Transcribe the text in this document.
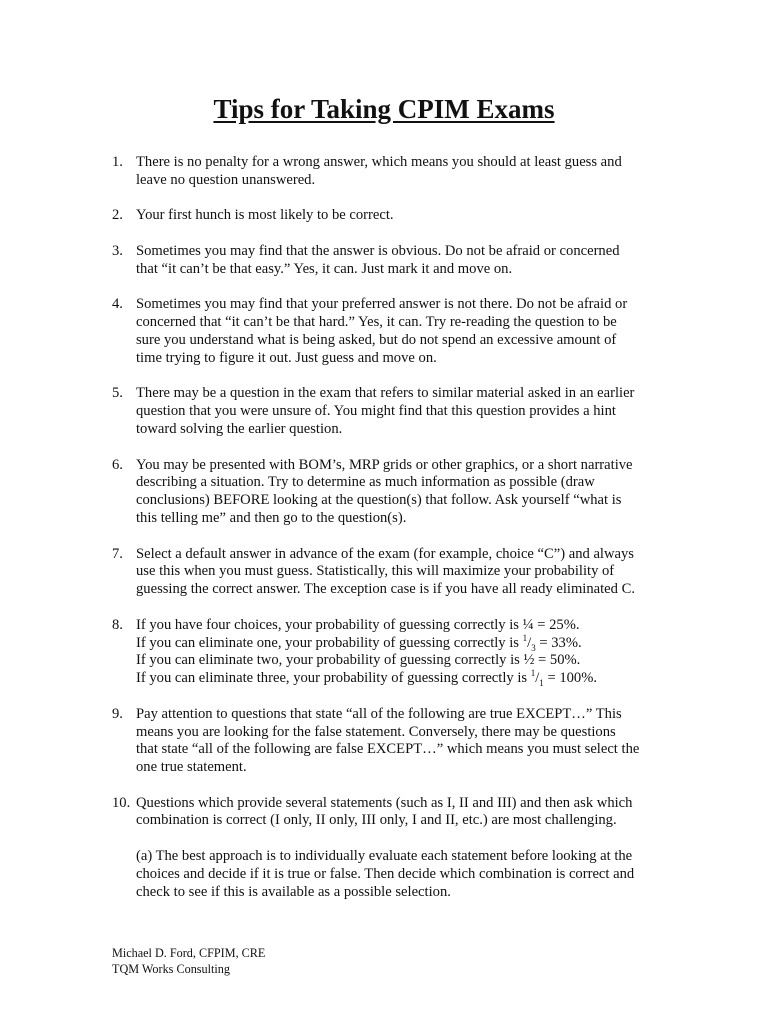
Tips for Taking CPIM Exams
1. There is no penalty for a wrong answer, which means you should at least guess and
leave no question unanswered.
2. Your first hunch is most likely to be correct.
3. Sometimes you may find that the answer is obvious. Do not be afraid or concerned
that “it can’t be that easy.” Yes, it can. Just mark it and move on.
4. Sometimes you may find that your preferred answer is not there. Do not be afraid or
concerned that “it can’t be that hard.” Yes, it can. Try re-reading the question to be
sure you understand what is being asked, but do not spend an excessive amount of
time trying to figure it out. Just guess and move on.
5. There may be a question in the exam that refers to similar material asked in an earlier
question that you were unsure of. You might find that this question provides a hint
toward solving the earlier question.
6. You may be presented with BOM’s, MRP grids or other graphics, or a short narrative
describing a situation. Try to determine as much information as possible (draw
conclusions) BEFORE looking at the question(s) that follow. Ask yourself “what is
this telling me” and then go to the question(s).
7. Select a default answer in advance of the exam (for example, choice “C”) and always
use this when you must guess. Statistically, this will maximize your probability of
guessing the correct answer. The exception case is if you have all ready eliminated C.
8. If you have four choices, your probability of guessing correctly is ¼ = 25%.
If you can eliminate one, your probability of guessing correctly is $^1/_3 = 33\%$.
If you can eliminate two, your probability of guessing correctly is ½ = 50%.
If you can eliminate three, your probability of guessing correctly is $^1/_1 = 100\%$.
9. Pay attention to questions that state “all of the following are true EXCEPT…” This
means you are looking for the false statement. Conversely, there may be questions
that state “all of the following are false EXCEPT…” which means you must select the
one true statement.
10. Questions which provide several statements (such as I, II and III) and then ask which
combination is correct (I only, II only, III only, I and II, etc.) are most challenging.
(a) The best approach is to individually evaluate each statement before looking at the
choices and decide if it is true or false. Then decide which combination is correct and
check to see if this is available as a possible selection.
Michael D. Ford, CFPIM, CRE
TQM Works Consulting
